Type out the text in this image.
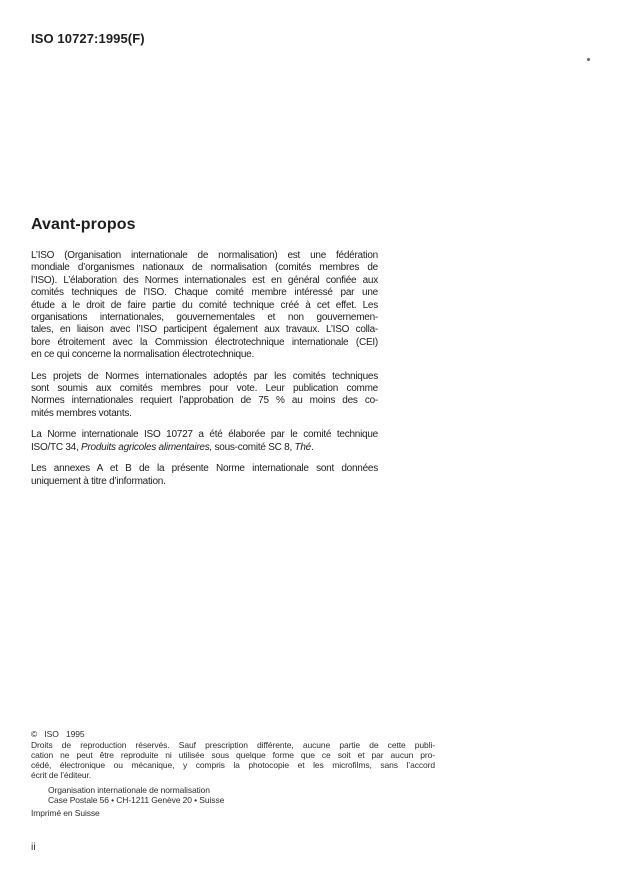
ISO 10727:1995(F)
Avant-propos
L’ISO (Organisation internationale de normalisation) est une fédération
mondiale d’organismes nationaux de normalisation (comités membres de
l’ISO). L’élaboration des Normes internationales est en général confiée aux
comités techniques de l’ISO. Chaque comité membre intéressé par une
étude a le droit de faire partie du comité technique créé à cet effet. Les
organisations internationales, gouvernementales et non gouvernemen-
tales, en liaison avec l’ISO participent également aux travaux. L’ISO colla-
bore étroitement avec la Commission électrotechnique internationale (CEI)
en ce qui concerne la normalisation électrotechnique.
Les projets de Normes internationales adoptés par les comités techniques
sont soumis aux comités membres pour vote. Leur publication comme
Normes internationales requiert l’approbation de 75 % au moins des co-
mités membres votants.
La Norme internationale ISO 10727 a été élaborée par le comité technique
ISO/TC 34, Produits agricoles alimentaires, sous-comité SC 8, Thé.
Les annexes A et B de la présente Norme internationale sont données
uniquement à titre d’information.
© ISO 1995
Droits de reproduction réservés. Sauf prescription différente, aucune partie de cette publi-
cation ne peut être reproduite ni utilisée sous quelque forme que ce soit et par aucun pro-
cédé, électronique ou mécanique, y compris la photocopie et les microfilms, sans l’accord
écrit de l’éditeur.
Organisation internationale de normalisation
Case Postale 56 • CH-1211 Genève 20 • Suisse
Imprimé en Suisse
ii
